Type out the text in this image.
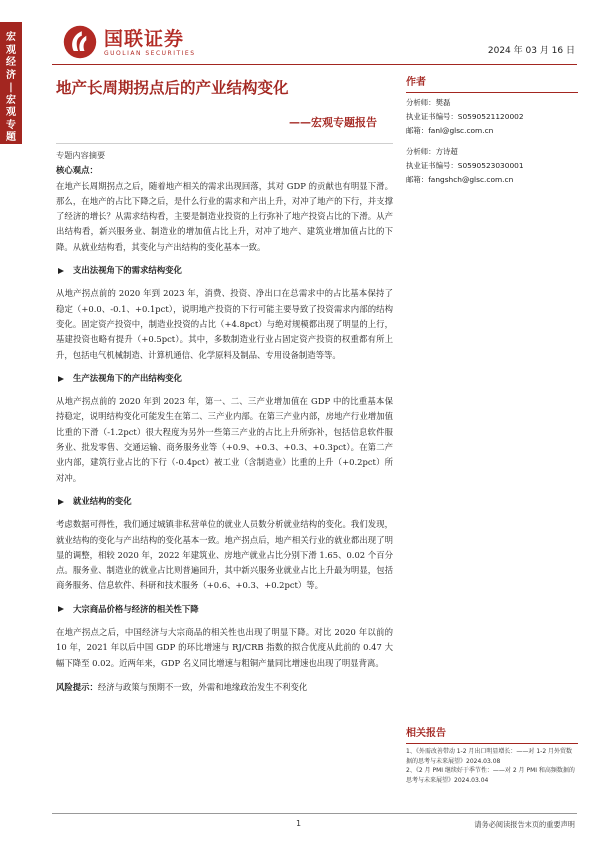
宏
观
经
济
|
宏
观
专
题
国联证券
GUOLIAN SECURITIES	2024 年 03 月 16 日
地产长周期拐点后的产业结构变化
——宏观专题报告
专题内容摘要
核心观点：

在地产长周期拐点之后，随着地产相关的需求出现回落，其对 GDP 的贡献也有明显下滑。那么，在地产的占比下降之后，是什么行业的需求和产出上升，对冲了地产的下行，并支撑了经济的增长？从需求结构看，主要是制造业投资的上行弥补了地产投资占比的下滑。从产出结构看，新兴服务业、制造业的增加值占比上升，对冲了地产、建筑业增加值占比的下降。从就业结构看，其变化与产出结构的变化基本一致。

支出法视角下的需求结构变化

从地产拐点前的 2020 年到 2023 年，消费、投资、净出口在总需求中的占比基本保持了稳定（+0.0、-0.1、+0.1pct），说明地产投资的下行可能主要导致了投资需求内部的结构变化。固定资产投资中，制造业投资的占比（+4.8pct）与绝对规模都出现了明显的上行，基建投资也略有提升（+0.5pct）。其中，多数制造业行业占固定资产投资的权重都有所上升，包括电气机械制造、计算机通信、化学原料及制品、专用设备制造等等。

生产法视角下的产出结构变化

从地产拐点前的 2020 年到 2023 年，第一、二、三产业增加值在 GDP 中的比重基本保持稳定，说明结构变化可能发生在第二、三产业内部。在第三产业内部，房地产行业增加值比重的下滑（-1.2pct）很大程度为另外一些第三产业的占比上升所弥补，包括信息软件服务业、批发零售、交通运输、商务服务业等（+0.9、+0.3、+0.3、+0.3pct）。在第二产业内部，建筑行业占比的下行（-0.4pct）被工业（含制造业）比重的上升（+0.2pct）所对冲。

就业结构的变化

考虑数据可得性，我们通过城镇非私营单位的就业人员数分析就业结构的变化。我们发现，就业结构的变化与产出结构的变化基本一致。地产拐点后，地产相关行业的就业都出现了明显的调整，相较 2020 年，2022 年建筑业、房地产就业占比分别下滑 1.65、0.02 个百分点。服务业、制造业的就业占比则普遍回升，其中新兴服务业就业占比上升最为明显，包括商务服务、信息软件、科研和技术服务（+0.6、+0.3、+0.2pct）等。

大宗商品价格与经济的相关性下降

在地产拐点之后，中国经济与大宗商品的相关性也出现了明显下降。对比 2020 年以前的 10 年，2021 年以后中国 GDP 的环比增速与 RJ/CRB 指数的拟合优度从此前的 0.47 大幅下降至 0.02。近两年来，GDP 名义同比增速与粗铜产量同比增速也出现了明显背离。

风险提示：经济与政策与预期不一致，外需和地缘政治发生不利变化

作者
分析师：樊磊
执业证书编号：S0590521120002
邮箱：fanl@glsc.com.cn
分析师：方诗超
执业证书编号：S0590523030001
邮箱：fangshch@glsc.com.cn
相关报告
1、《外需改善带动 1-2 月出口明显增长：——对 1-2 月外贸数据的思考与未来展望》2024.03.08
2、《2 月 PMI 继续好于季节性：——对 2 月 PMI 和高频数据的思考与未来展望》2024.03.04
1	请务必阅读报告末页的重要声明
